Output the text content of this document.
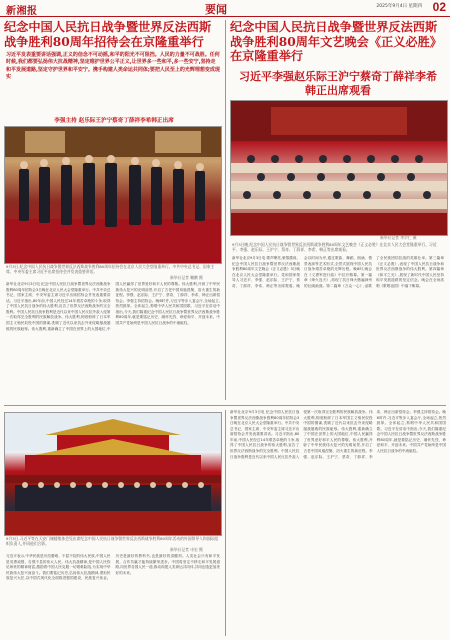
新湘报	要闻	2025年9月4日 星期四 02
纪念中国人民抗日战争暨世界反法西斯战争胜利80周年招待会在京隆重举行
习近平发表重要讲话强调,正义的信念不可动摇,和平的阳光不可阻挡。人民的力量不可战胜。任何时候,我们都要弘扬伟大抗战精神,坚定维护世界公平正义,让世界多一些和平,多一些安宁,坚持走和平发展道路,坚定守护世界和平安宁。携手构建人类命运共同体;要把人民至上的光辉理想变成现实
李强主持 赵乐际王沪宁蔡奇丁薛祥李希韩正出席
9月3日,纪念中国人民抗日战争暨世界反法西斯战争胜利80周年招待会在北京人民大会堂隆重举行。中共中央总书记、国家主席、中央军委主席习近平出席招待会并发表重要讲话。
新华社记者 鞠鹏 摄
新华社北京9月3日电 纪念中国人民抗日战争暨世界反法西斯战争胜利80周年招待会3日晚在北京人民大会堂隆重举行。中共中央总书记、国家主席、中央军委主席习近平出席招待会并发表重要讲话。习近平指出,80年前,中国人民经过14年艰苦卓绝的斗争,取得了中国人民抗日战争的伟大胜利,宣告了世界反法西斯战争的完全胜利。中国人民抗日战争胜利是近代以来中国人民反抗外敌入侵第一次取得完全胜利的民族解放战争。伟大胜利,彻底粉碎了日本军国主义殖民奴役中国的图谋,洗刷了近代以来抗击外来侵略屡战屡败的民族耻辱。伟大胜利,重新确立了中国在世界上的大国地位,中国人民赢得了世界爱好和平人民的尊敬。伟大胜利,开辟了中华民族伟大复兴的光明前景,开启了古老中国凤凰涅槃、浴火重生的新征程。李强、赵乐际、王沪宁、蔡奇、丁薛祥、李希、韩正出席招待会。李强主持招待会。晚6时许,习近平等步入宴会厅,全场起立,热烈鼓掌。全体起立,奏唱中华人民共和国国歌。习近平在讲话中指出,今天,我们隆重纪念中国人民抗日战争暨世界反法西斯战争胜利80周年,就是要铭记历史、缅怀先烈、珍爱和平、开创未来。中国共产党始终是中国人民抗日战争的中流砥柱。
纪念中国人民抗日战争暨世界反法西斯战争胜利80周年文艺晚会《正义必胜》在京隆重举行
习近平李强赵乐际王沪宁蔡奇丁薛祥李希韩正出席观看
新华社记者 李学仁 摄
9月3日晚,纪念中国人民抗日战争暨世界反法西斯战争胜利80周年文艺晚会《正义必胜》在北京人民大会堂隆重举行。习近平、李强、赵乐际、王沪宁、蔡奇、丁薛祥、李希、韩正等出席观看。
新华社北京9月3日电 歌声嘹亮,豪情激荡。纪念中国人民抗日战争暨世界反法西斯战争胜利80周年文艺晚会《正义必胜》3日晚在北京人民大会堂隆重举行。党和国家领导人习近平、李强、赵乐际、王沪宁、蔡奇、丁薛祥、李希、韩正等出席观看。晚会以时间为序,通过歌曲、舞蹈、朗诵、情景表演等艺术形式,全景式展现中国人民抗日战争艰苦卓绝的光辉历程。晚8时,晚会在《义勇军进行曲》中拉开帷幕。第一篇章《烽火连天》,再现了抗日烽火燃遍神州的壮阔画面。第二篇章《万众一心》,讴歌了全民族团结抗战的英雄壮举。第三篇章《正义必胜》,表现了中国人民抗日战争和世界反法西斯战争的伟大胜利。第四篇章《和平之光》,展现了新时代中国人民坚持和平发展道路的坚定信念。晚会在全场高唱《歌唱祖国》中落下帷幕。
9月3日,习近平等在天安门城楼集体会见出席纪念中国人民抗日战争暨世界反法西斯战争胜利80周年活动的外国领导人和国际组织负责人,并同他们合影。
新华社记者 申宏 摄
习近平表示,中华民族是历经磨难、不屈不挠的伟大民族,中国人民是英勇顽强、自强不息的伟大人民。伟大抗战精神,是中国人民弥足珍贵的精神财富,激励着中国人民克服一切艰难险阻,为实现中华民族伟大复兴而奋斗。我们要铭记历史,弘扬伟大抗战精神,勇担民族复兴大任,以中国式现代化全面推进强国建设、民族复兴伟业。历史是最好的教科书,也是最好的清醒剂。人类社会只有和平发展、合作共赢才能持续繁荣进步。中国将坚定不移走和平发展道路,同世界各国人民一道,推动构建人类命运共同体,共同创造更加美好的未来。
新华社北京9月3日电 纪念中国人民抗日战争暨世界反法西斯战争胜利80周年招待会3日晚在北京人民大会堂隆重举行。中共中央总书记、国家主席、中央军委主席习近平出席招待会并发表重要讲话。习近平指出,80年前,中国人民经过14年艰苦卓绝的斗争,取得了中国人民抗日战争的伟大胜利,宣告了世界反法西斯战争的完全胜利。中国人民抗日战争胜利是近代以来中国人民反抗外敌入侵第一次取得完全胜利的民族解放战争。伟大胜利,彻底粉碎了日本军国主义殖民奴役中国的图谋,洗刷了近代以来抗击外来侵略屡战屡败的民族耻辱。伟大胜利,重新确立了中国在世界上的大国地位,中国人民赢得了世界爱好和平人民的尊敬。伟大胜利,开辟了中华民族伟大复兴的光明前景,开启了古老中国凤凰涅槃、浴火重生的新征程。李强、赵乐际、王沪宁、蔡奇、丁薛祥、李希、韩正出席招待会。李强主持招待会。晚6时许,习近平等步入宴会厅,全场起立,热烈鼓掌。全体起立,奏唱中华人民共和国国歌。习近平在讲话中指出,今天,我们隆重纪念中国人民抗日战争暨世界反法西斯战争胜利80周年,就是要铭记历史、缅怀先烈、珍爱和平、开创未来。中国共产党始终是中国人民抗日战争的中流砥柱。
